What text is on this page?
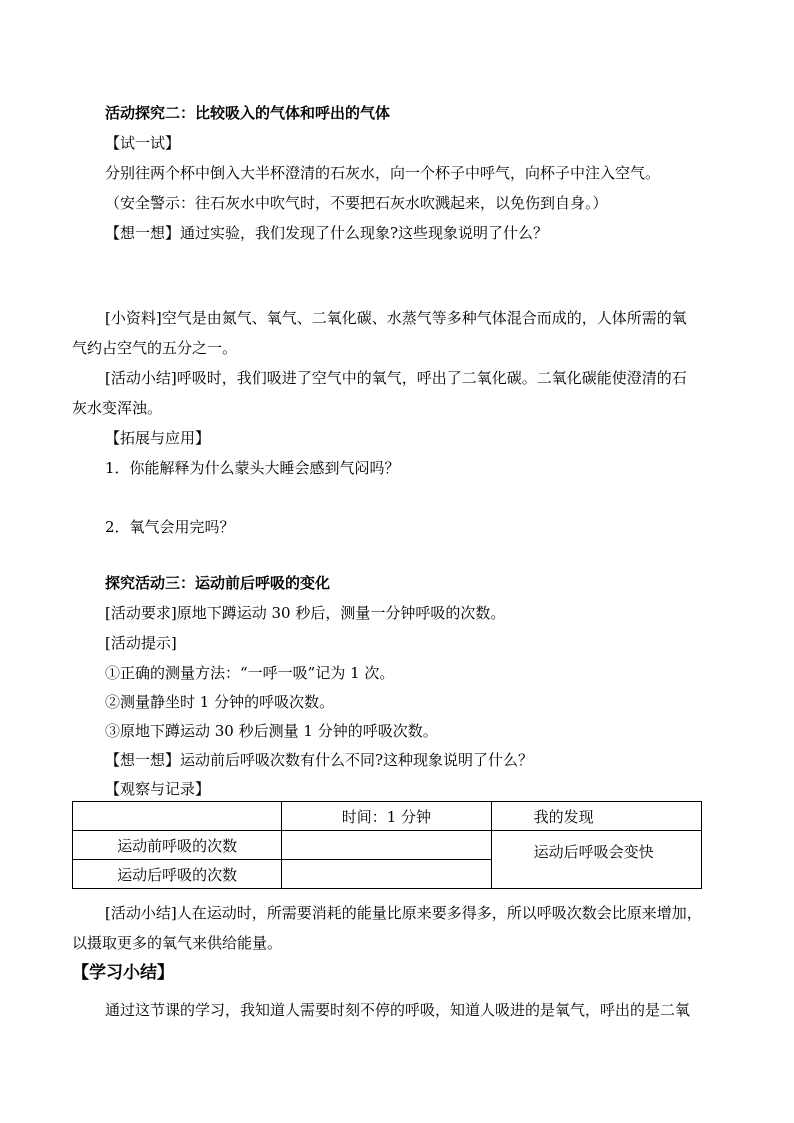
活动探究二：比较吸入的气体和呼出的气体
【试一试】
分别往两个杯中倒入大半杯澄清的石灰水，向一个杯子中呼气，向杯子中注入空气。
（安全警示：往石灰水中吹气时，不要把石灰水吹溅起来，以免伤到自身。）
【想一想】通过实验，我们发现了什么现象?这些现象说明了什么？
[小资料]空气是由氮气、氧气、二氧化碳、水蒸气等多种气体混合而成的，人体所需的氧
气约占空气的五分之一。
[活动小结]呼吸时，我们吸进了空气中的氧气，呼出了二氧化碳。二氧化碳能使澄清的石
灰水变浑浊。
【拓展与应用】
1．你能解释为什么蒙头大睡会感到气闷吗？
2．氧气会用完吗？
探究活动三：运动前后呼吸的变化
[活动要求]原地下蹲运动 30 秒后，测量一分钟呼吸的次数。
[活动提示]
①正确的测量方法：“一呼一吸”记为 1 次。
②测量静坐时 1 分钟的呼吸次数。
③原地下蹲运动 30 秒后测量 1 分钟的呼吸次数。
【想一想】运动前后呼吸次数有什么不同?这种现象说明了什么？
【观察与记录】
	时间：1 分钟	我的发现
运动前呼吸的次数		运动后呼吸会变快
运动后呼吸的次数		
[活动小结]人在运动时，所需要消耗的能量比原来要多得多，所以呼吸次数会比原来增加，
以摄取更多的氧气来供给能量。
【学习小结】
通过这节课的学习，我知道人需要时刻不停的呼吸，知道人吸进的是氧气，呼出的是二氧
